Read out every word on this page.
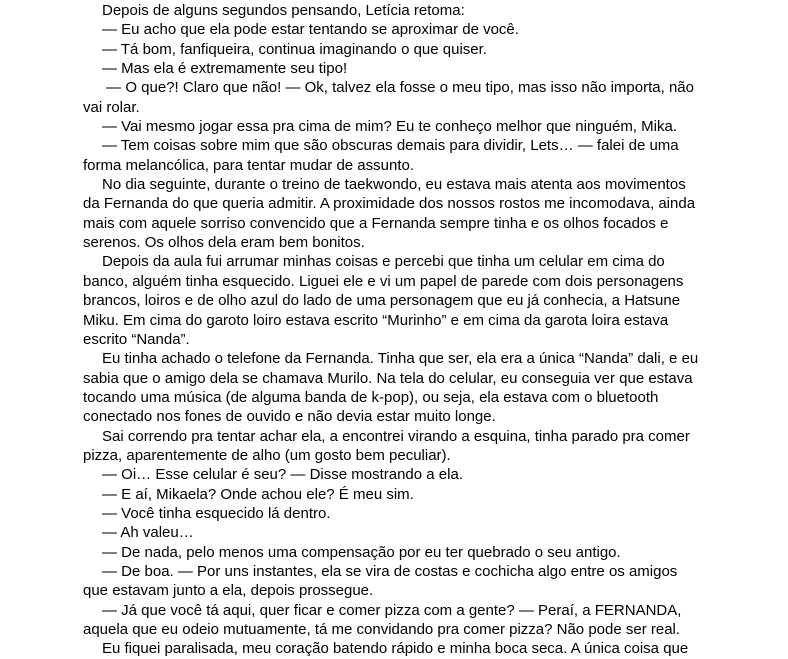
Depois de alguns segundos pensando, Letícia retoma:
— Eu acho que ela pode estar tentando se aproximar de você.
— Tá bom, fanfiqueira, continua imaginando o que quiser.
— Mas ela é extremamente seu tipo!
— O que?! Claro que não! — Ok, talvez ela fosse o meu tipo, mas isso não importa, não
vai rolar.
— Vai mesmo jogar essa pra cima de mim? Eu te conheço melhor que ninguém, Mika.
— Tem coisas sobre mim que são obscuras demais para dividir, Lets… — falei de uma
forma melancólica, para tentar mudar de assunto.
No dia seguinte, durante o treino de taekwondo, eu estava mais atenta aos movimentos
da Fernanda do que queria admitir. A proximidade dos nossos rostos me incomodava, ainda
mais com aquele sorriso convencido que a Fernanda sempre tinha e os olhos focados e
serenos. Os olhos dela eram bem bonitos.
Depois da aula fui arrumar minhas coisas e percebi que tinha um celular em cima do
banco, alguém tinha esquecido. Liguei ele e vi um papel de parede com dois personagens
brancos, loiros e de olho azul do lado de uma personagem que eu já conhecia, a Hatsune
Miku. Em cima do garoto loiro estava escrito “Murinho” e em cima da garota loira estava
escrito “Nanda”.
Eu tinha achado o telefone da Fernanda. Tinha que ser, ela era a única “Nanda” dali, e eu
sabia que o amigo dela se chamava Murilo. Na tela do celular, eu conseguia ver que estava
tocando uma música (de alguma banda de k-pop), ou seja, ela estava com o bluetooth
conectado nos fones de ouvido e não devia estar muito longe.
Sai correndo pra tentar achar ela, a encontrei virando a esquina, tinha parado pra comer
pizza, aparentemente de alho (um gosto bem peculiar).
— Oi… Esse celular é seu? — Disse mostrando a ela.
— E aí, Mikaela? Onde achou ele? É meu sim.
— Você tinha esquecido lá dentro.
— Ah valeu…
— De nada, pelo menos uma compensação por eu ter quebrado o seu antigo.
— De boa. — Por uns instantes, ela se vira de costas e cochicha algo entre os amigos
que estavam junto a ela, depois prossegue.
— Já que você tá aqui, quer ficar e comer pizza com a gente? — Peraí, a FERNANDA,
aquela que eu odeio mutuamente, tá me convidando pra comer pizza? Não pode ser real.
Eu fiquei paralisada, meu coração batendo rápido e minha boca seca. A única coisa que
